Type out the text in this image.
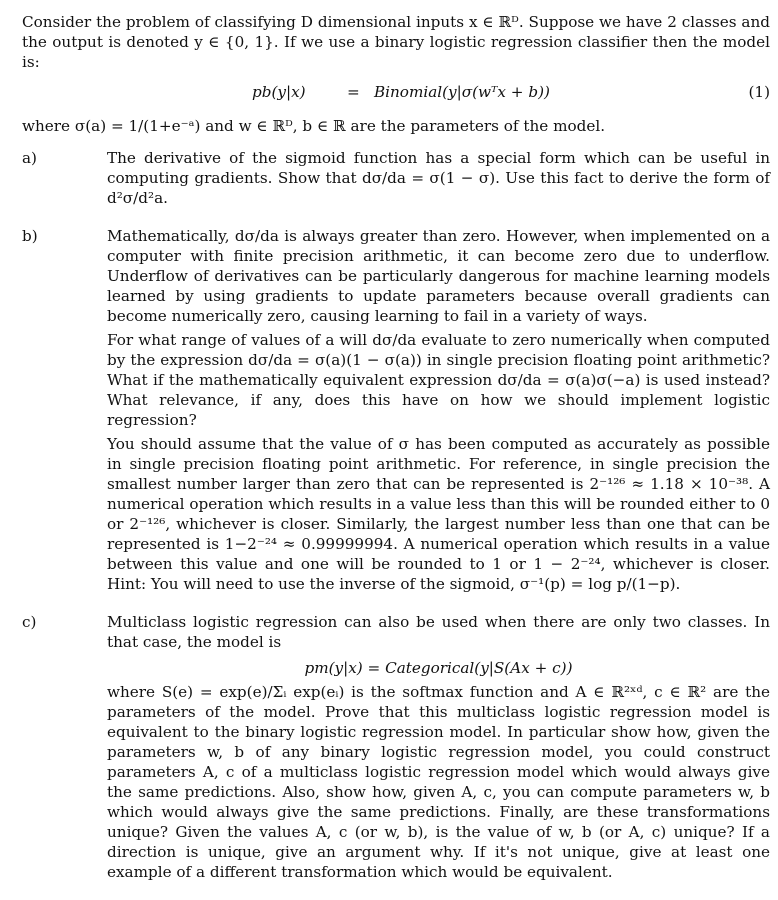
Consider the problem of classifying D dimensional inputs x ∈ ℝᴰ. Suppose we have 2 classes and the output is denoted y ∈ {0, 1}. If we use a binary logistic regression classifier then the model is:

pb(y|x)	= Binomial(y|σ(wᵀx + b))	(1)

where σ(a) = 1/(1+e⁻ᵃ) and w ∈ ℝᴰ, b ∈ ℝ are the parameters of the model.

a)	The derivative of the sigmoid function has a special form which can be useful in computing gradients. Show that dσ/da = σ(1 − σ). Use this fact to derive the form of d²σ/d²a.

b)	Mathematically, dσ/da is always greater than zero. However, when implemented on a computer with finite precision arithmetic, it can become zero due to underflow. Underflow of derivatives can be particularly dangerous for machine learning models learned by using gradients to update parameters because overall gradients can become numerically zero, causing learning to fail in a variety of ways.

For what range of values of a will dσ/da evaluate to zero numerically when computed by the expression dσ/da = σ(a)(1 − σ(a)) in single precision floating point arithmetic? What if the mathematically equivalent expression dσ/da = σ(a)σ(−a) is used instead? What relevance, if any, does this have on how we should implement logistic regression?

You should assume that the value of σ has been computed as accurately as possible in single precision floating point arithmetic. For reference, in single precision the smallest number larger than zero that can be represented is 2⁻¹²⁶ ≈ 1.18 × 10⁻³⁸. A numerical operation which results in a value less than this will be rounded either to 0 or 2⁻¹²⁶, whichever is closer. Similarly, the largest number less than one that can be represented is 1−2⁻²⁴ ≈ 0.99999994. A numerical operation which results in a value between this value and one will be rounded to 1 or 1 − 2⁻²⁴, whichever is closer. Hint: You will need to use the inverse of the sigmoid, σ⁻¹(p) = log p/(1−p).

c)	Multiclass logistic regression can also be used when there are only two classes. In that case, the model is

pm(y|x) = Categorical(y|S(Ax + c))

where S(e) = exp(e)/Σᵢ exp(eᵢ) is the softmax function and A ∈ ℝ²ˣᵈ, c ∈ ℝ² are the parameters of the model. Prove that this multiclass logistic regression model is equivalent to the binary logistic regression model. In particular show how, given the parameters w, b of any binary logistic regression model, you could construct parameters A, c of a multiclass logistic regression model which would always give the same predictions. Also, show how, given A, c, you can compute parameters w, b which would always give the same predictions. Finally, are these transformations unique? Given the values A, c (or w, b), is the value of w, b (or A, c) unique? If a direction is unique, give an argument why. If it's not unique, give at least one example of a different transformation which would be equivalent.
